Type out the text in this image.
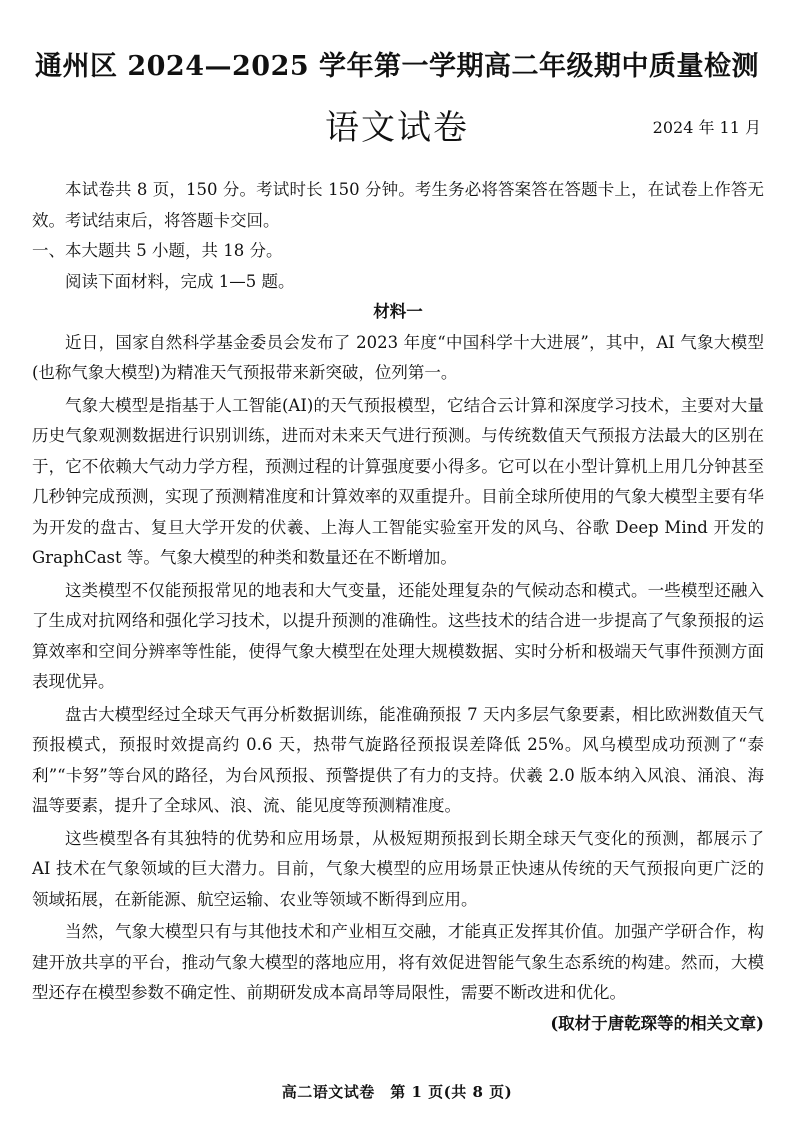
通州区 2024—2025 学年第一学期高二年级期中质量检测
语文试卷	2024 年 11 月

本试卷共 8 页，150 分。考试时长 150 分钟。考生务必将答案答在答题卡上，在试卷上作答无效。考试结束后，将答题卡交回。

一、本大题共 5 小题，共 18 分。

阅读下面材料，完成 1—5 题。

材料一

近日，国家自然科学基金委员会发布了 2023 年度“中国科学十大进展”，其中，AI 气象大模型(也称气象大模型)为精准天气预报带来新突破，位列第一。

气象大模型是指基于人工智能(AI)的天气预报模型，它结合云计算和深度学习技术，主要对大量历史气象观测数据进行识别训练，进而对未来天气进行预测。与传统数值天气预报方法最大的区别在于，它不依赖大气动力学方程，预测过程的计算强度要小得多。它可以在小型计算机上用几分钟甚至几秒钟完成预测，实现了预测精准度和计算效率的双重提升。目前全球所使用的气象大模型主要有华为开发的盘古、复旦大学开发的伏羲、上海人工智能实验室开发的风乌、谷歌 Deep Mind 开发的 GraphCast 等。气象大模型的种类和数量还在不断增加。

这类模型不仅能预报常见的地表和大气变量，还能处理复杂的气候动态和模式。一些模型还融入了生成对抗网络和强化学习技术，以提升预测的准确性。这些技术的结合进一步提高了气象预报的运算效率和空间分辨率等性能，使得气象大模型在处理大规模数据、实时分析和极端天气事件预测方面表现优异。

盘古大模型经过全球天气再分析数据训练，能准确预报 7 天内多层气象要素，相比欧洲数值天气预报模式，预报时效提高约 0.6 天，热带气旋路径预报误差降低 25%。风乌模型成功预测了“泰利”“卡努”等台风的路径，为台风预报、预警提供了有力的支持。伏羲 2.0 版本纳入风浪、涌浪、海温等要素，提升了全球风、浪、流、能见度等预测精准度。

这些模型各有其独特的优势和应用场景，从极短期预报到长期全球天气变化的预测，都展示了 AI 技术在气象领域的巨大潜力。目前，气象大模型的应用场景正快速从传统的天气预报向更广泛的领域拓展，在新能源、航空运输、农业等领域不断得到应用。

当然，气象大模型只有与其他技术和产业相互交融，才能真正发挥其价值。加强产学研合作，构建开放共享的平台，推动气象大模型的落地应用，将有效促进智能气象生态系统的构建。然而，大模型还存在模型参数不确定性、前期研发成本高昂等局限性，需要不断改进和优化。

(取材于唐乾琛等的相关文章)

高二语文试卷　第 1 页(共 8 页)
